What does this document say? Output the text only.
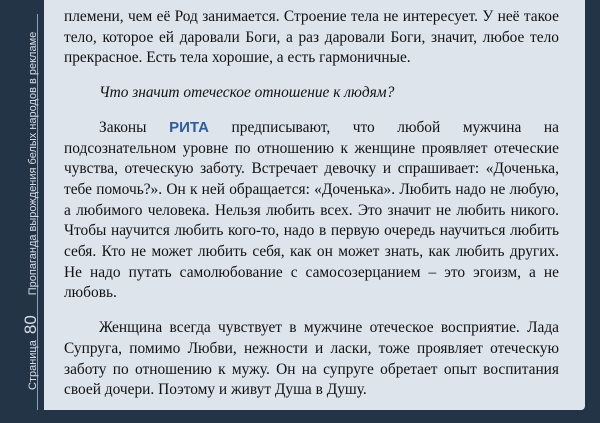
Страница
80
Пропаганда вырождения белых народов в рекламе

племени, чем её Род занимается. Строение тела не интересует. У неё такое тело, которое ей даровали Боги, а раз даровали Боги, значит, любое тело прекрасное. Есть тела хорошие, а есть гармоничные.

Что значит отеческое отношение к людям?

Законы РИТА предписывают, что любой мужчина на подсознательном уровне по отношению к женщине проявляет отеческие чувства, отеческую заботу. Встречает девочку и спрашивает: «Доченька, тебе помочь?». Он к ней обращается: «Доченька». Любить надо не любую, а любимого человека. Нельзя любить всех. Это значит не любить никого. Чтобы научится любить кого-то, надо в первую очередь научиться любить себя. Кто не может любить себя, как он может знать, как любить других. Не надо путать самолюбование с самосозерцанием – это эгоизм, а не любовь.

Женщина всегда чувствует в мужчине отеческое восприятие. Лада Супруга, помимо Любви, нежности и ласки, тоже проявляет отеческую заботу по отношению к мужу. Он на супруге обретает опыт воспитания своей дочери. Поэтому и живут Душа в Душу.
